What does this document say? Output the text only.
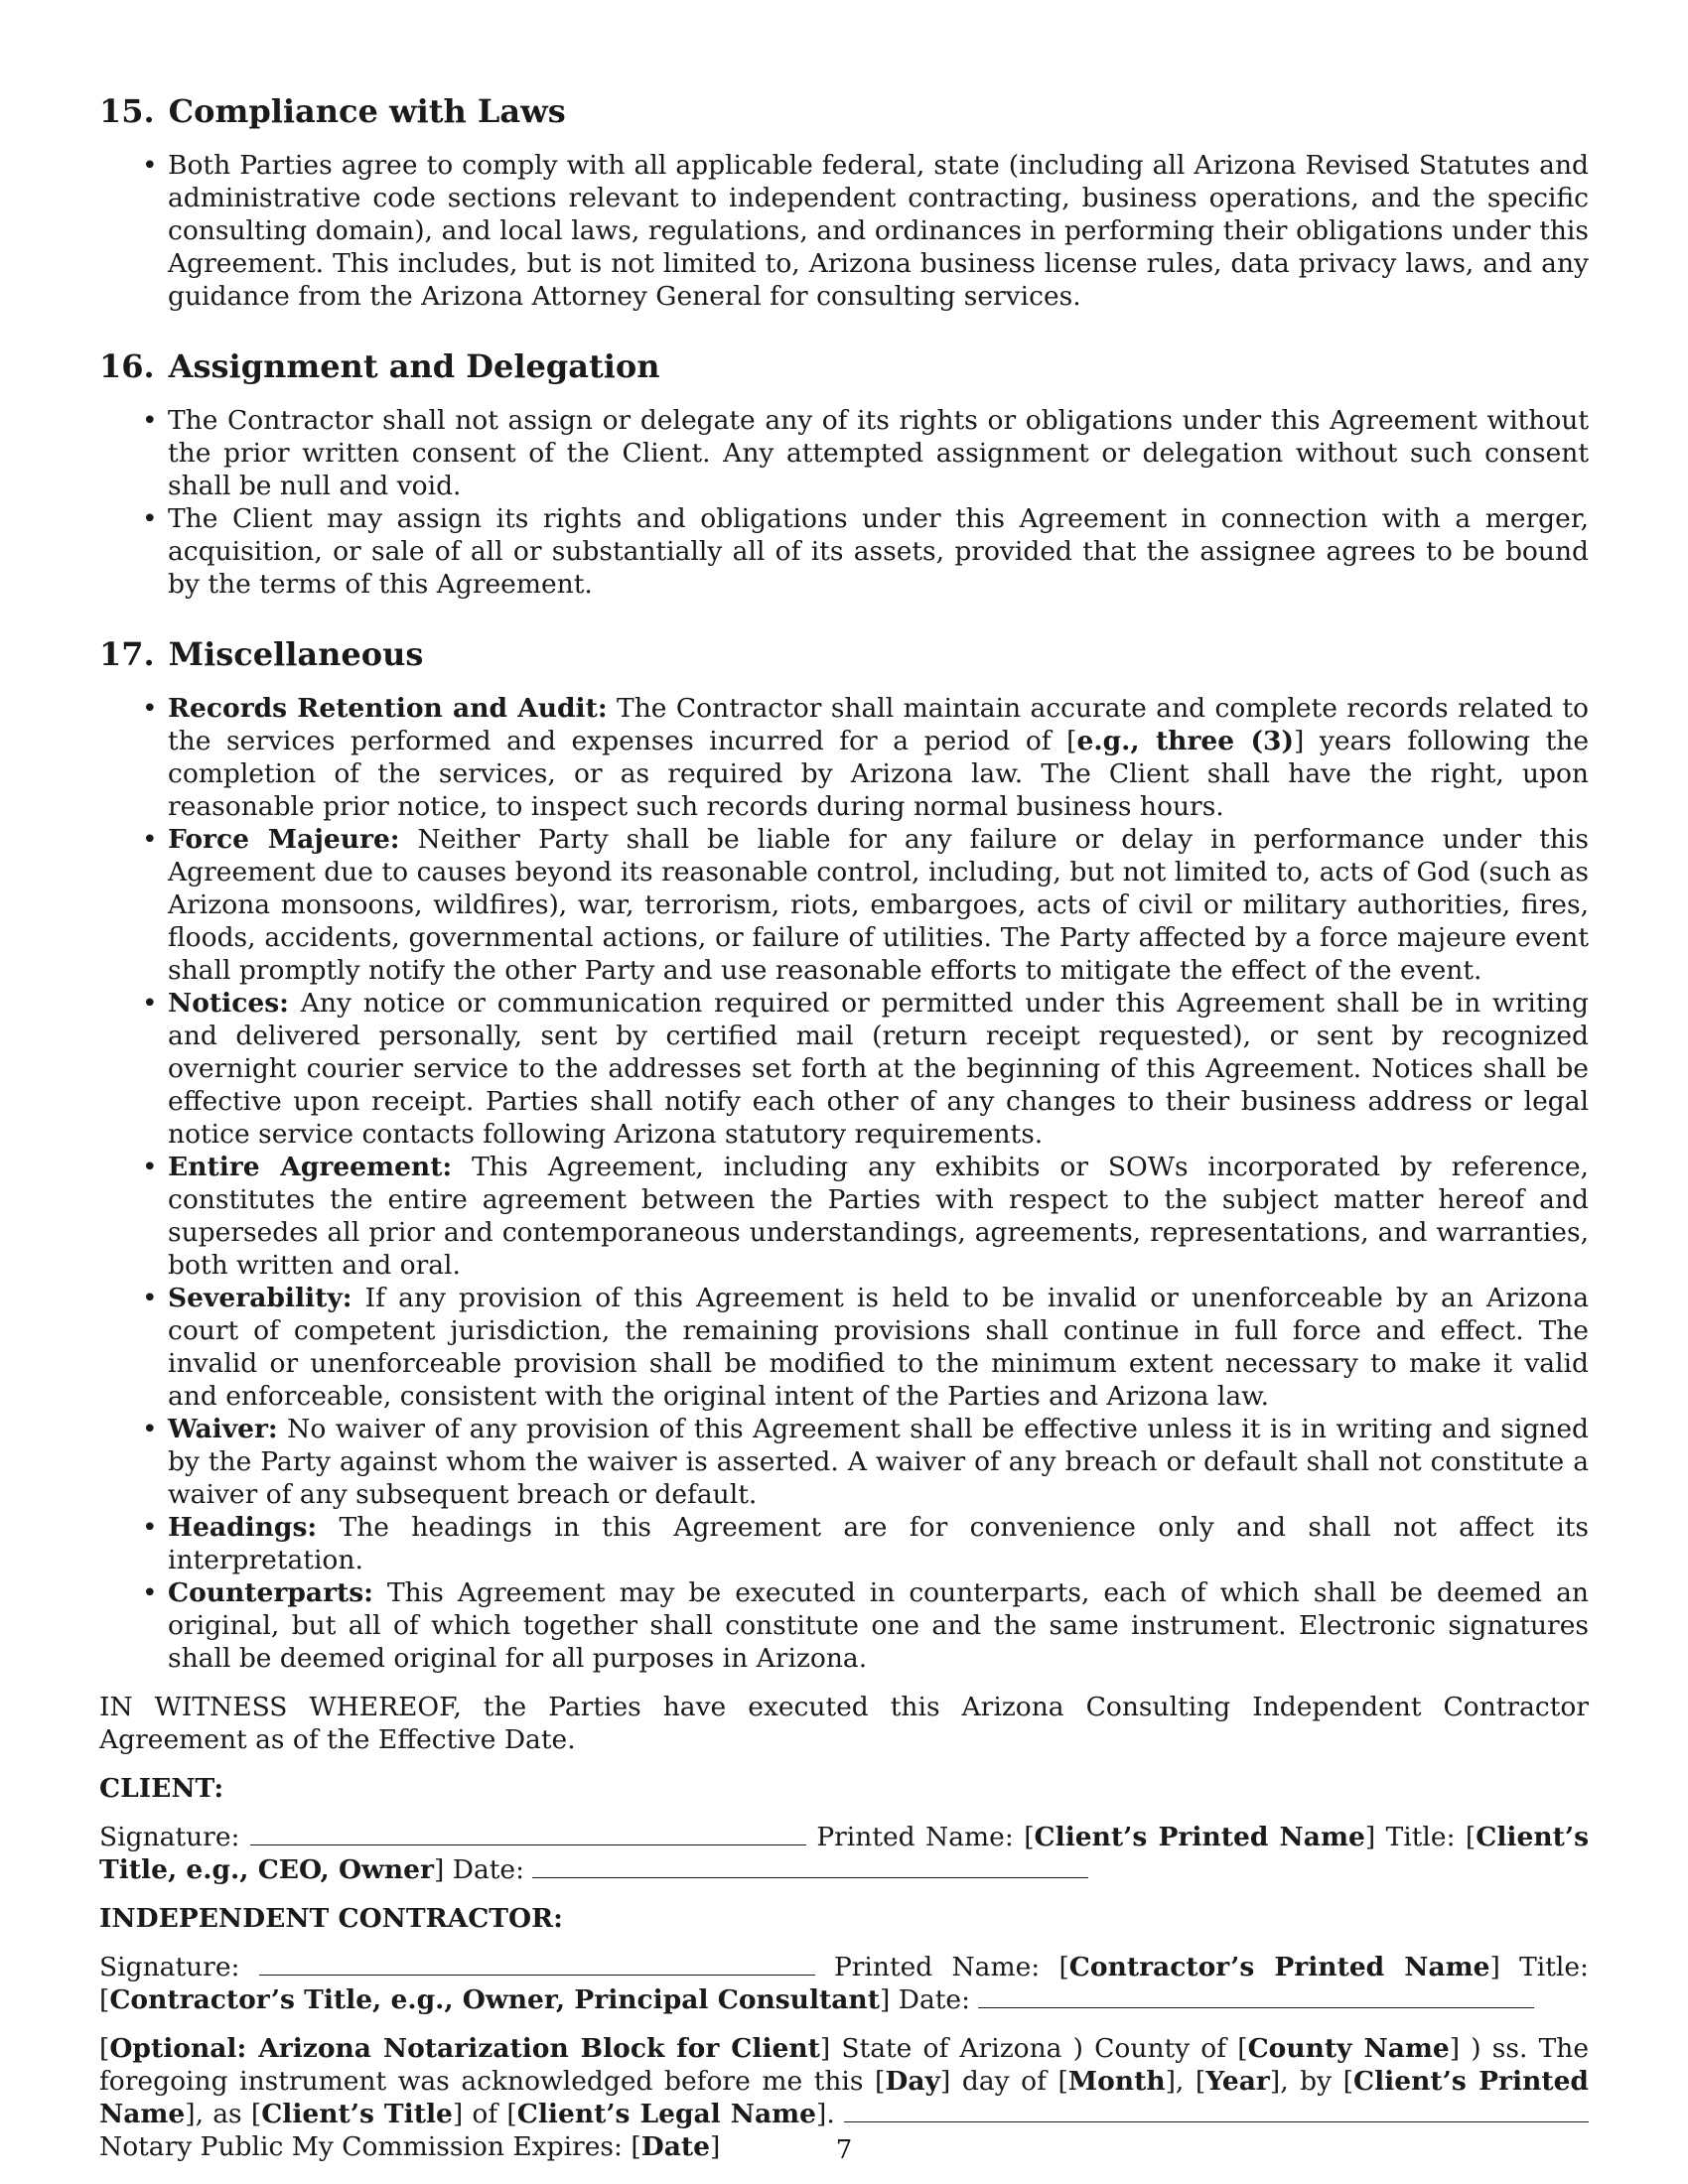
15. Compliance with Laws
• Both Parties agree to comply with all applicable federal, state (including all Arizona Revised Statutes and administrative code sections relevant to independent contracting, business operations, and the specific consulting domain), and local laws, regulations, and ordinances in performing their obligations under this Agreement. This includes, but is not limited to, Arizona business license rules, data privacy laws, and any guidance from the Arizona Attorney General for consulting services.
16. Assignment and Delegation
• The Contractor shall not assign or delegate any of its rights or obligations under this Agreement without the prior written consent of the Client. Any attempted assignment or delegation without such consent shall be null and void.
• The Client may assign its rights and obligations under this Agreement in connection with a merger, acquisition, or sale of all or substantially all of its assets, provided that the assignee agrees to be bound by the terms of this Agreement.
17. Miscellaneous
• Records Retention and Audit: The Contractor shall maintain accurate and complete records related to the services performed and expenses incurred for a period of [e.g., three (3)] years following the completion of the services, or as required by Arizona law. The Client shall have the right, upon reasonable prior notice, to inspect such records during normal business hours.
• Force Majeure: Neither Party shall be liable for any failure or delay in performance under this Agreement due to causes beyond its reasonable control, including, but not limited to, acts of God (such as Arizona monsoons, wildfires), war, terrorism, riots, embargoes, acts of civil or military authorities, fires, floods, accidents, governmental actions, or failure of utilities. The Party affected by a force majeure event shall promptly notify the other Party and use reasonable efforts to mitigate the effect of the event.
• Notices: Any notice or communication required or permitted under this Agreement shall be in writing and delivered personally, sent by certified mail (return receipt requested), or sent by recognized overnight courier service to the addresses set forth at the beginning of this Agreement. Notices shall be effective upon receipt. Parties shall notify each other of any changes to their business address or legal notice service contacts following Arizona statutory requirements.
• Entire Agreement: This Agreement, including any exhibits or SOWs incorporated by reference, constitutes the entire agreement between the Parties with respect to the subject matter hereof and supersedes all prior and contemporaneous understandings, agreements, representations, and warranties, both written and oral.
• Severability: If any provision of this Agreement is held to be invalid or unenforceable by an Arizona court of competent jurisdiction, the remaining provisions shall continue in full force and effect. The invalid or unenforceable provision shall be modified to the minimum extent necessary to make it valid and enforceable, consistent with the original intent of the Parties and Arizona law.
• Waiver: No waiver of any provision of this Agreement shall be effective unless it is in writing and signed by the Party against whom the waiver is asserted. A waiver of any breach or default shall not constitute a waiver of any subsequent breach or default.
• Headings: The headings in this Agreement are for convenience only and shall not affect its interpretation.
• Counterparts: This Agreement may be executed in counterparts, each of which shall be deemed an original, but all of which together shall constitute one and the same instrument. Electronic signatures shall be deemed original for all purposes in Arizona.

IN WITNESS WHEREOF, the Parties have executed this Arizona Consulting Independent Contractor Agreement as of the Effective Date.

CLIENT:

Signature:	Printed Name: [Client’s Printed Name] Title: [Client’s Title, e.g., CEO, Owner] Date:

INDEPENDENT CONTRACTOR:

Signature:	Printed Name: [Contractor’s Printed Name] Title: [Contractor’s Title, e.g., Owner, Principal Consultant] Date:

[Optional: Arizona Notarization Block for Client] State of Arizona ) County of [County Name] ) ss. The foregoing instrument was acknowledged before me this [Day] day of [Month], [Year], by [Client’s Printed Name], as [Client’s Title] of [Client’s Legal Name].  Notary Public My Commission Expires: [Date]	7
